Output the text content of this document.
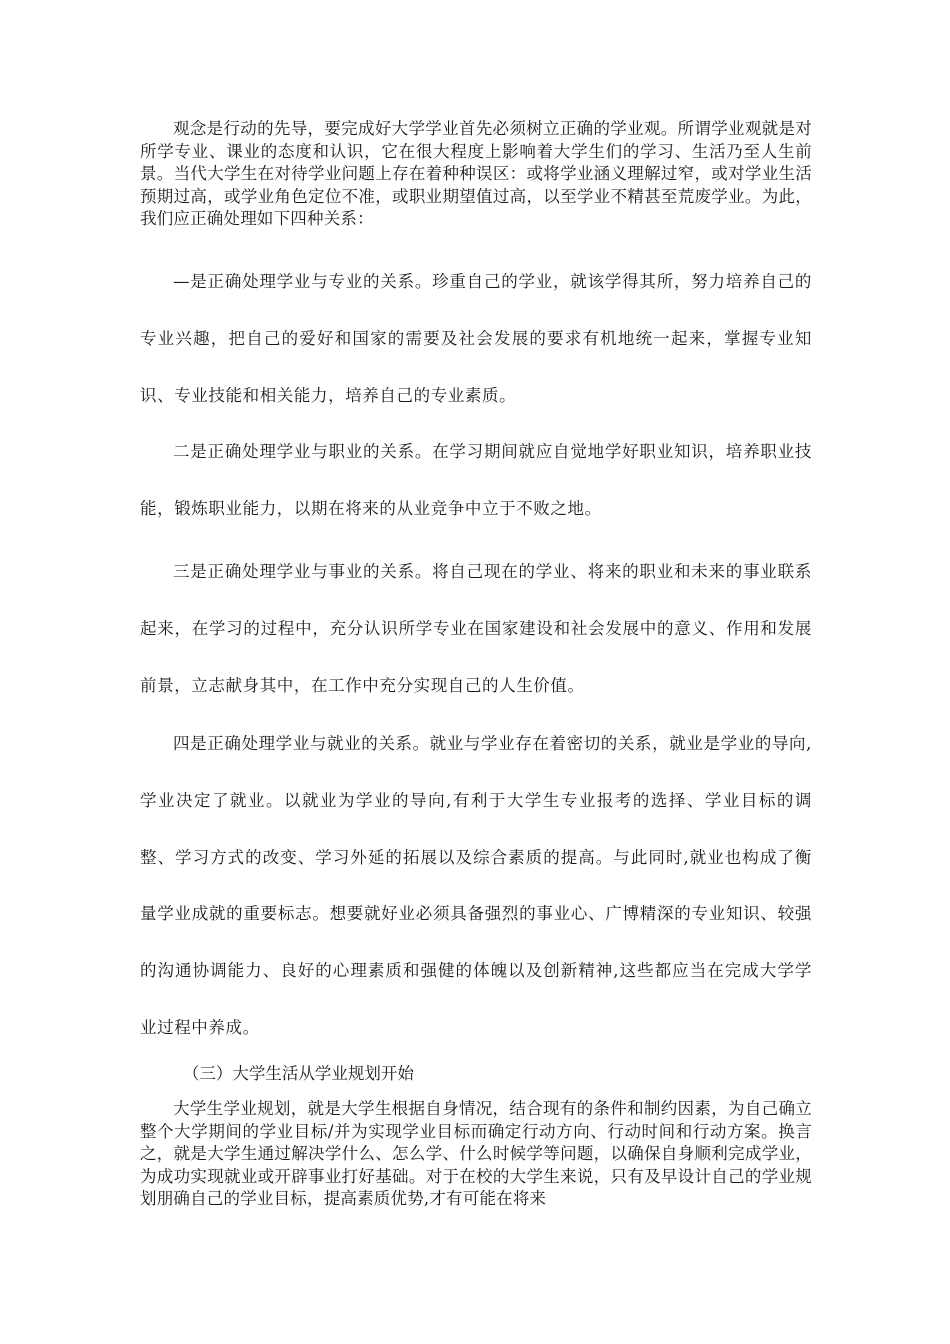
观念是行动的先导，要完成好大学学业首先必须树立正确的学业观。所谓学业观就是对所学专业、课业的态度和认识，它在很大程度上影响着大学生们的学习、生活乃至人生前景。当代大学生在对待学业问题上存在着种种误区：或将学业涵义理解过窄，或对学业生活预期过高，或学业角色定位不准，或职业期望值过高，以至学业不精甚至荒废学业。为此，我们应正确处理如下四种关系：

—是正确处理学业与专业的关系。珍重自己的学业，就该学得其所，努力培养自己的专业兴趣，把自己的爱好和国家的需要及社会发展的要求有机地统一起来，掌握专业知识、专业技能和相关能力，培养自己的专业素质。

二是正确处理学业与职业的关系。在学习期间就应自觉地学好职业知识，培养职业技能，锻炼职业能力，以期在将来的从业竞争中立于不败之地。

三是正确处理学业与事业的关系。将自己现在的学业、将来的职业和未来的事业联系起来，在学习的过程中，充分认识所学专业在国家建设和社会发展中的意义、作用和发展前景，立志献身其中，在工作中充分实现自己的人生价值。

四是正确处理学业与就业的关系。就业与学业存在着密切的关系，就业是学业的导向,学业决定了就业。以就业为学业的导向,有利于大学生专业报考的选择、学业目标的调整、学习方式的改变、学习外延的拓展以及综合素质的提高。与此同时,就业也构成了衡量学业成就的重要标志。想要就好业必须具备强烈的事业心、广博精深的专业知识、较强的沟通协调能力、良好的心理素质和强健的体魄以及创新精神,这些都应当在完成大学学业过程中养成。

（三）大学生活从学业规划开始

大学生学业规划，就是大学生根据自身情况，结合现有的条件和制约因素，为自己确立整个大学期间的学业目标/并为实现学业目标而确定行动方向、行动时间和行动方案。换言之，就是大学生通过解决学什么、怎么学、什么时候学等问题，以确保自身顺利完成学业，为成功实现就业或开辟事业打好基础。对于在校的大学生来说，只有及早设计自己的学业规划朋确自己的学业目标，提高素质优势,才有可能在将来
